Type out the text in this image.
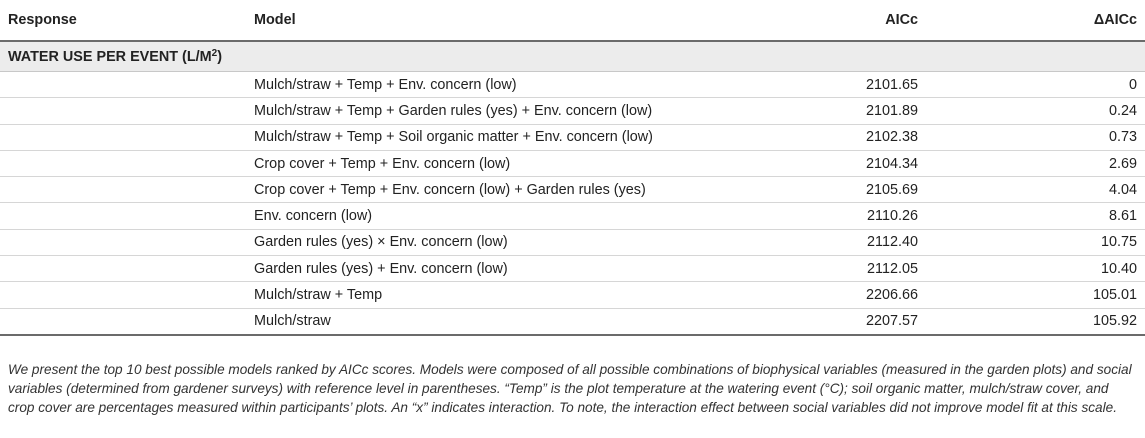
Response	Model	AICc	ΔAICc
WATER USE PER EVENT $(L/M^2)$			
	Mulch/straw + Temp + Env. concern (low)	2101.65	0
	Mulch/straw + Temp + Garden rules (yes) + Env. concern (low)	2101.89	0.24
	Mulch/straw + Temp + Soil organic matter + Env. concern (low)	2102.38	0.73
	Crop cover + Temp + Env. concern (low)	2104.34	2.69
	Crop cover + Temp + Env. concern (low) + Garden rules (yes)	2105.69	4.04
	Env. concern (low)	2110.26	8.61
	Garden rules (yes) × Env. concern (low)	2112.40	10.75
	Garden rules (yes) + Env. concern (low)	2112.05	10.40
	Mulch/straw + Temp	2206.66	105.01
	Mulch/straw	2207.57	105.92

We present the top 10 best possible models ranked by AICc scores. Models were composed of all possible combinations of biophysical variables (measured in the garden plots) and social variables (determined from gardener surveys) with reference level in parentheses. “Temp” is the plot temperature at the watering event (°C); soil organic matter, mulch/straw cover, and crop cover are percentages measured within participants’ plots. An “x” indicates interaction. To note, the interaction effect between social variables did not improve model fit at this scale.
